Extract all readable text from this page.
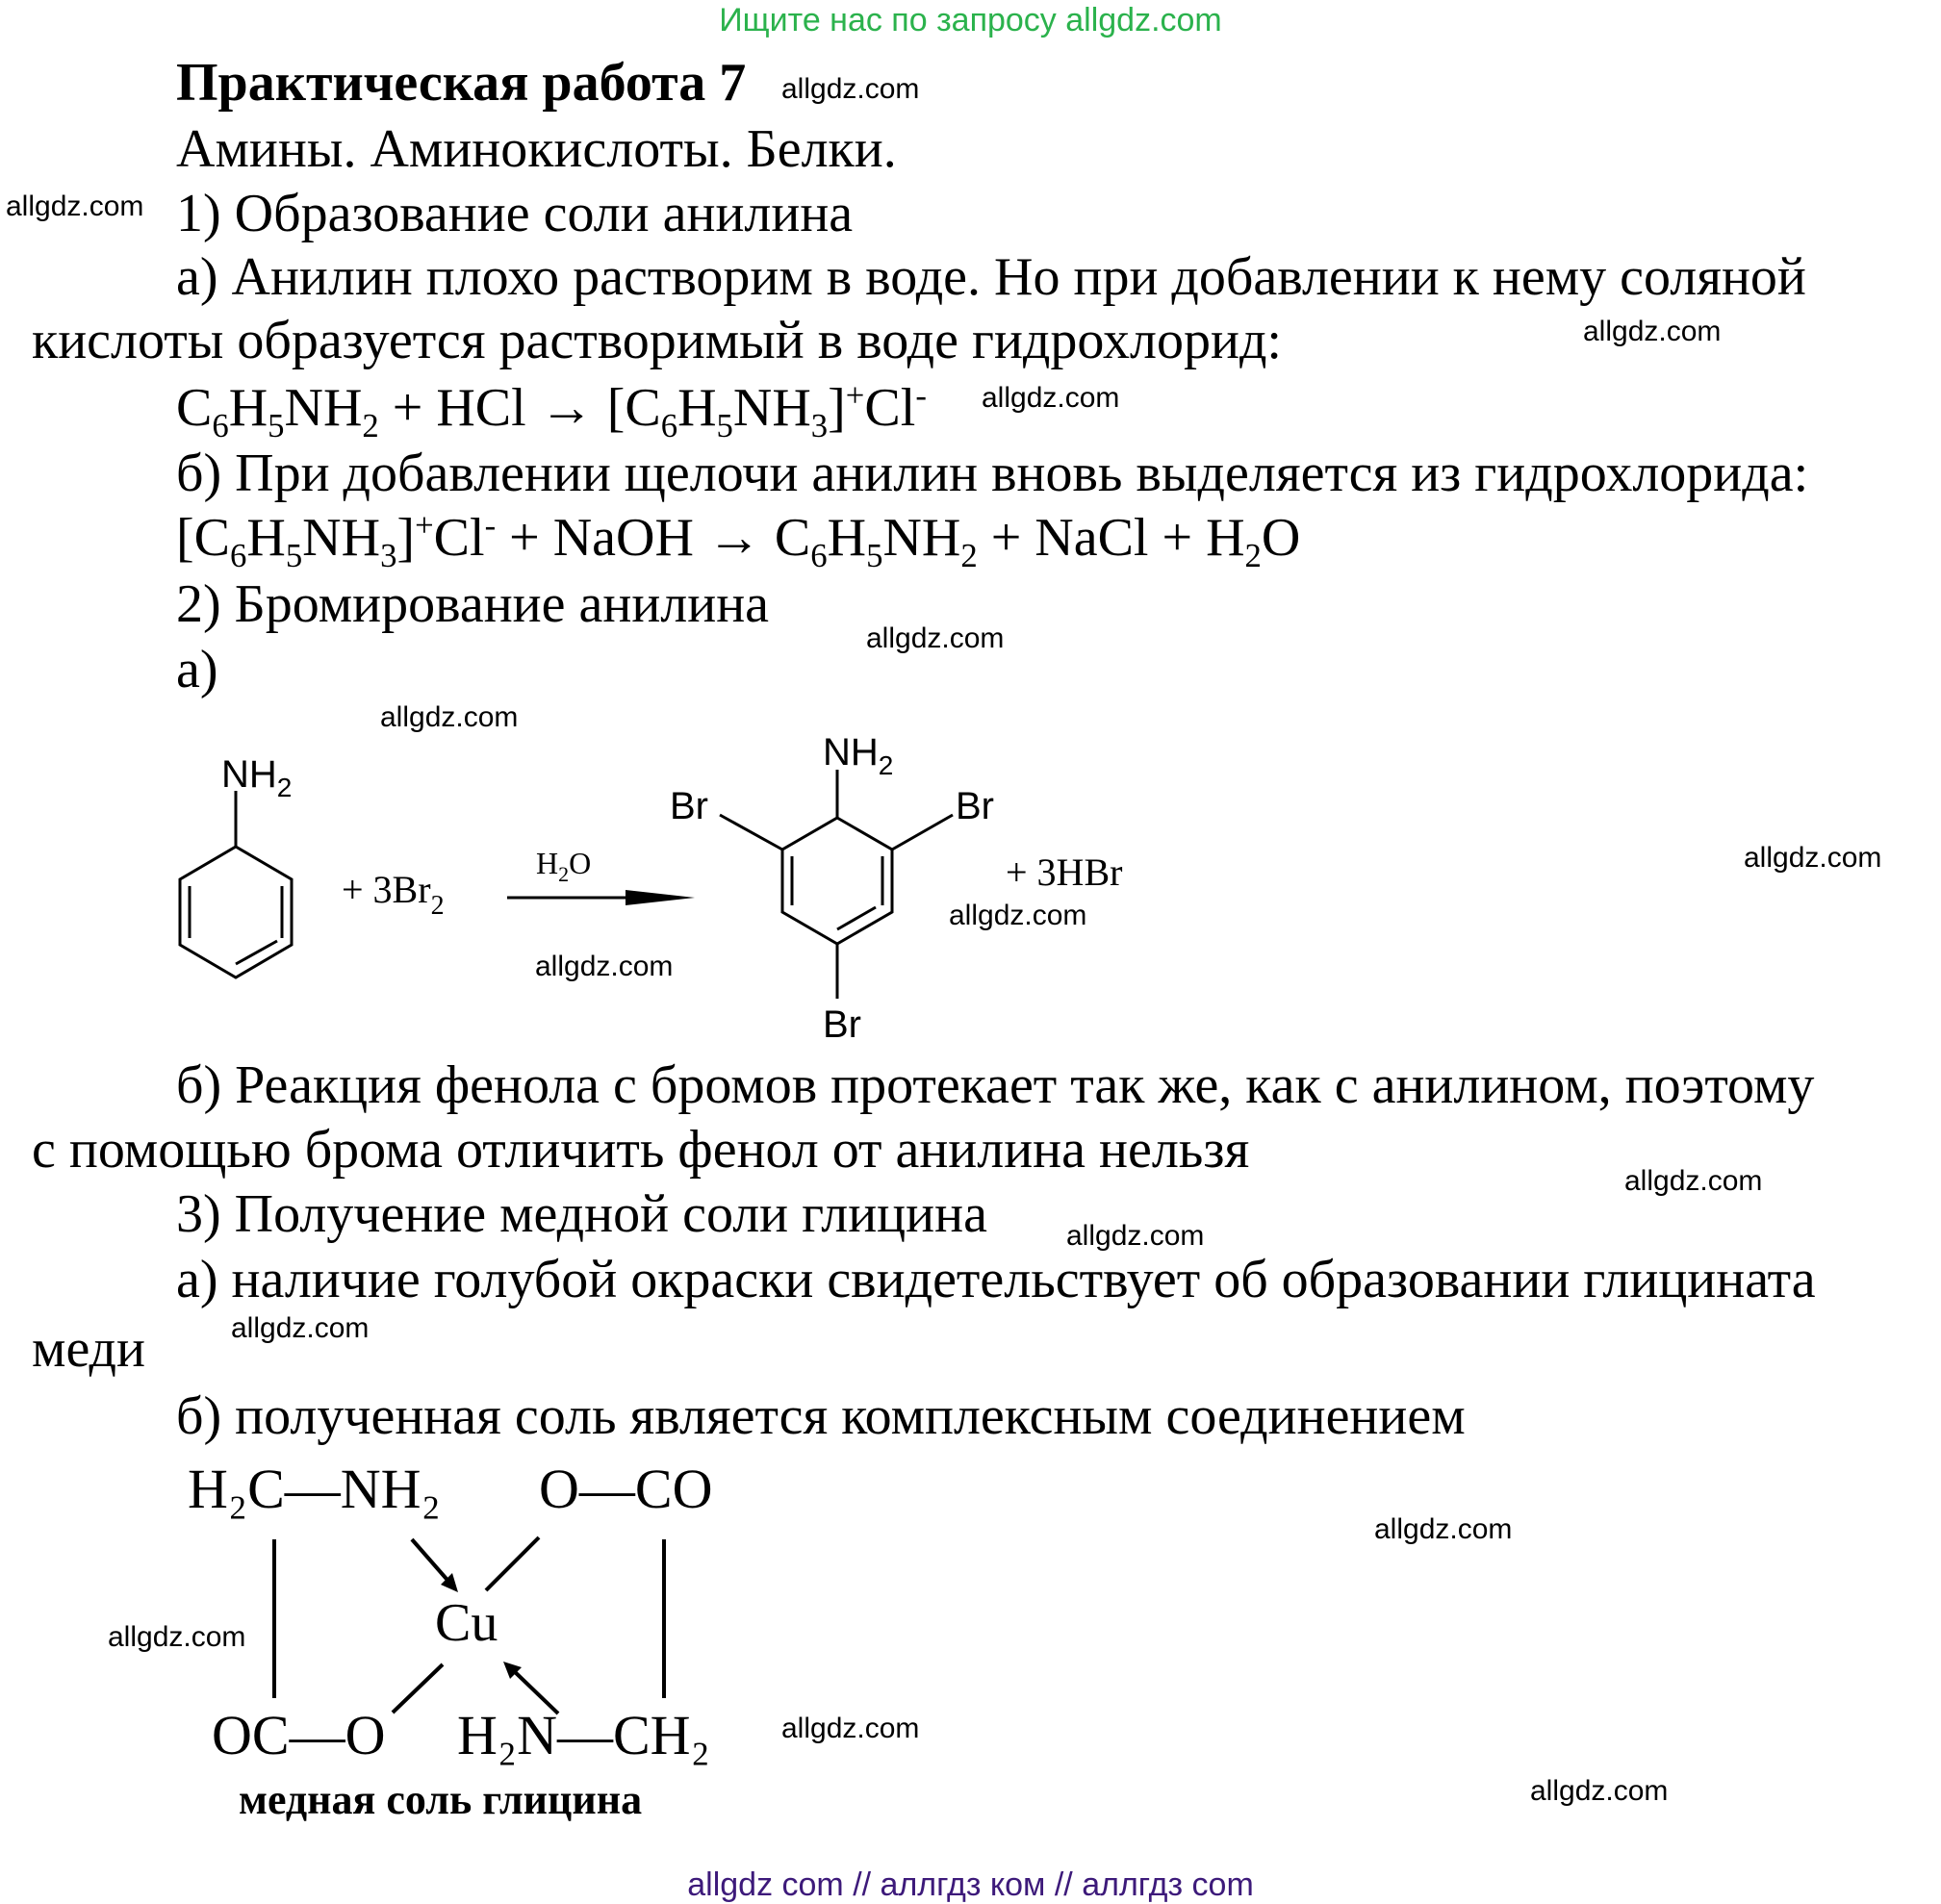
Ищите нас по запросу allgdz.com
Практическая работа 7 allgdz.com
Амины. Аминокислоты. Белки.
allgdz.com 1) Образование соли анилина
а) Анилин плохо растворим в воде. Но при добавлении к нему соляной
кислоты образуется растворимый в воде гидрохлорид:	allgdz.com
$C_6H_5NH_2$ + HCl → $[C_6H_5NH_3]^+Cl^-$ allgdz.com
б) При добавлении щелочи анилин вновь выделяется из гидрохлорида:
$[C_6H_5NH_3]^+Cl^-$ + NaOH → $C_6H_5NH_2$ + NaCl + $H_2O$
2) Бромирование анилина
allgdz.com
а)
allgdz.com
allgdz.com
allgdz.com
allgdz.com
$NH_2$
+ $3Br_2$
$H_2O$
$NH_2$
Br	Br
Br
+ 3HBr
б) Реакция фенола с бромов протекает так же, как с анилином, поэтому
с помощью брома отличить фенол от анилина нельзя
allgdz.com
3) Получение медной соли глицина	allgdz.com
а) наличие голубой окраски свидетельствует об образовании глицината
allgdz.com
меди
б) полученная соль является комплексным соединением
H₂C—NH₂ O—CO
Cu
OC—O H₂N—CH₂
медная соль глицина
allgdz.com
allgdz.com
allgdz.com
allgdz.com
allgdz com // аллгдз ком // аллгдз com
